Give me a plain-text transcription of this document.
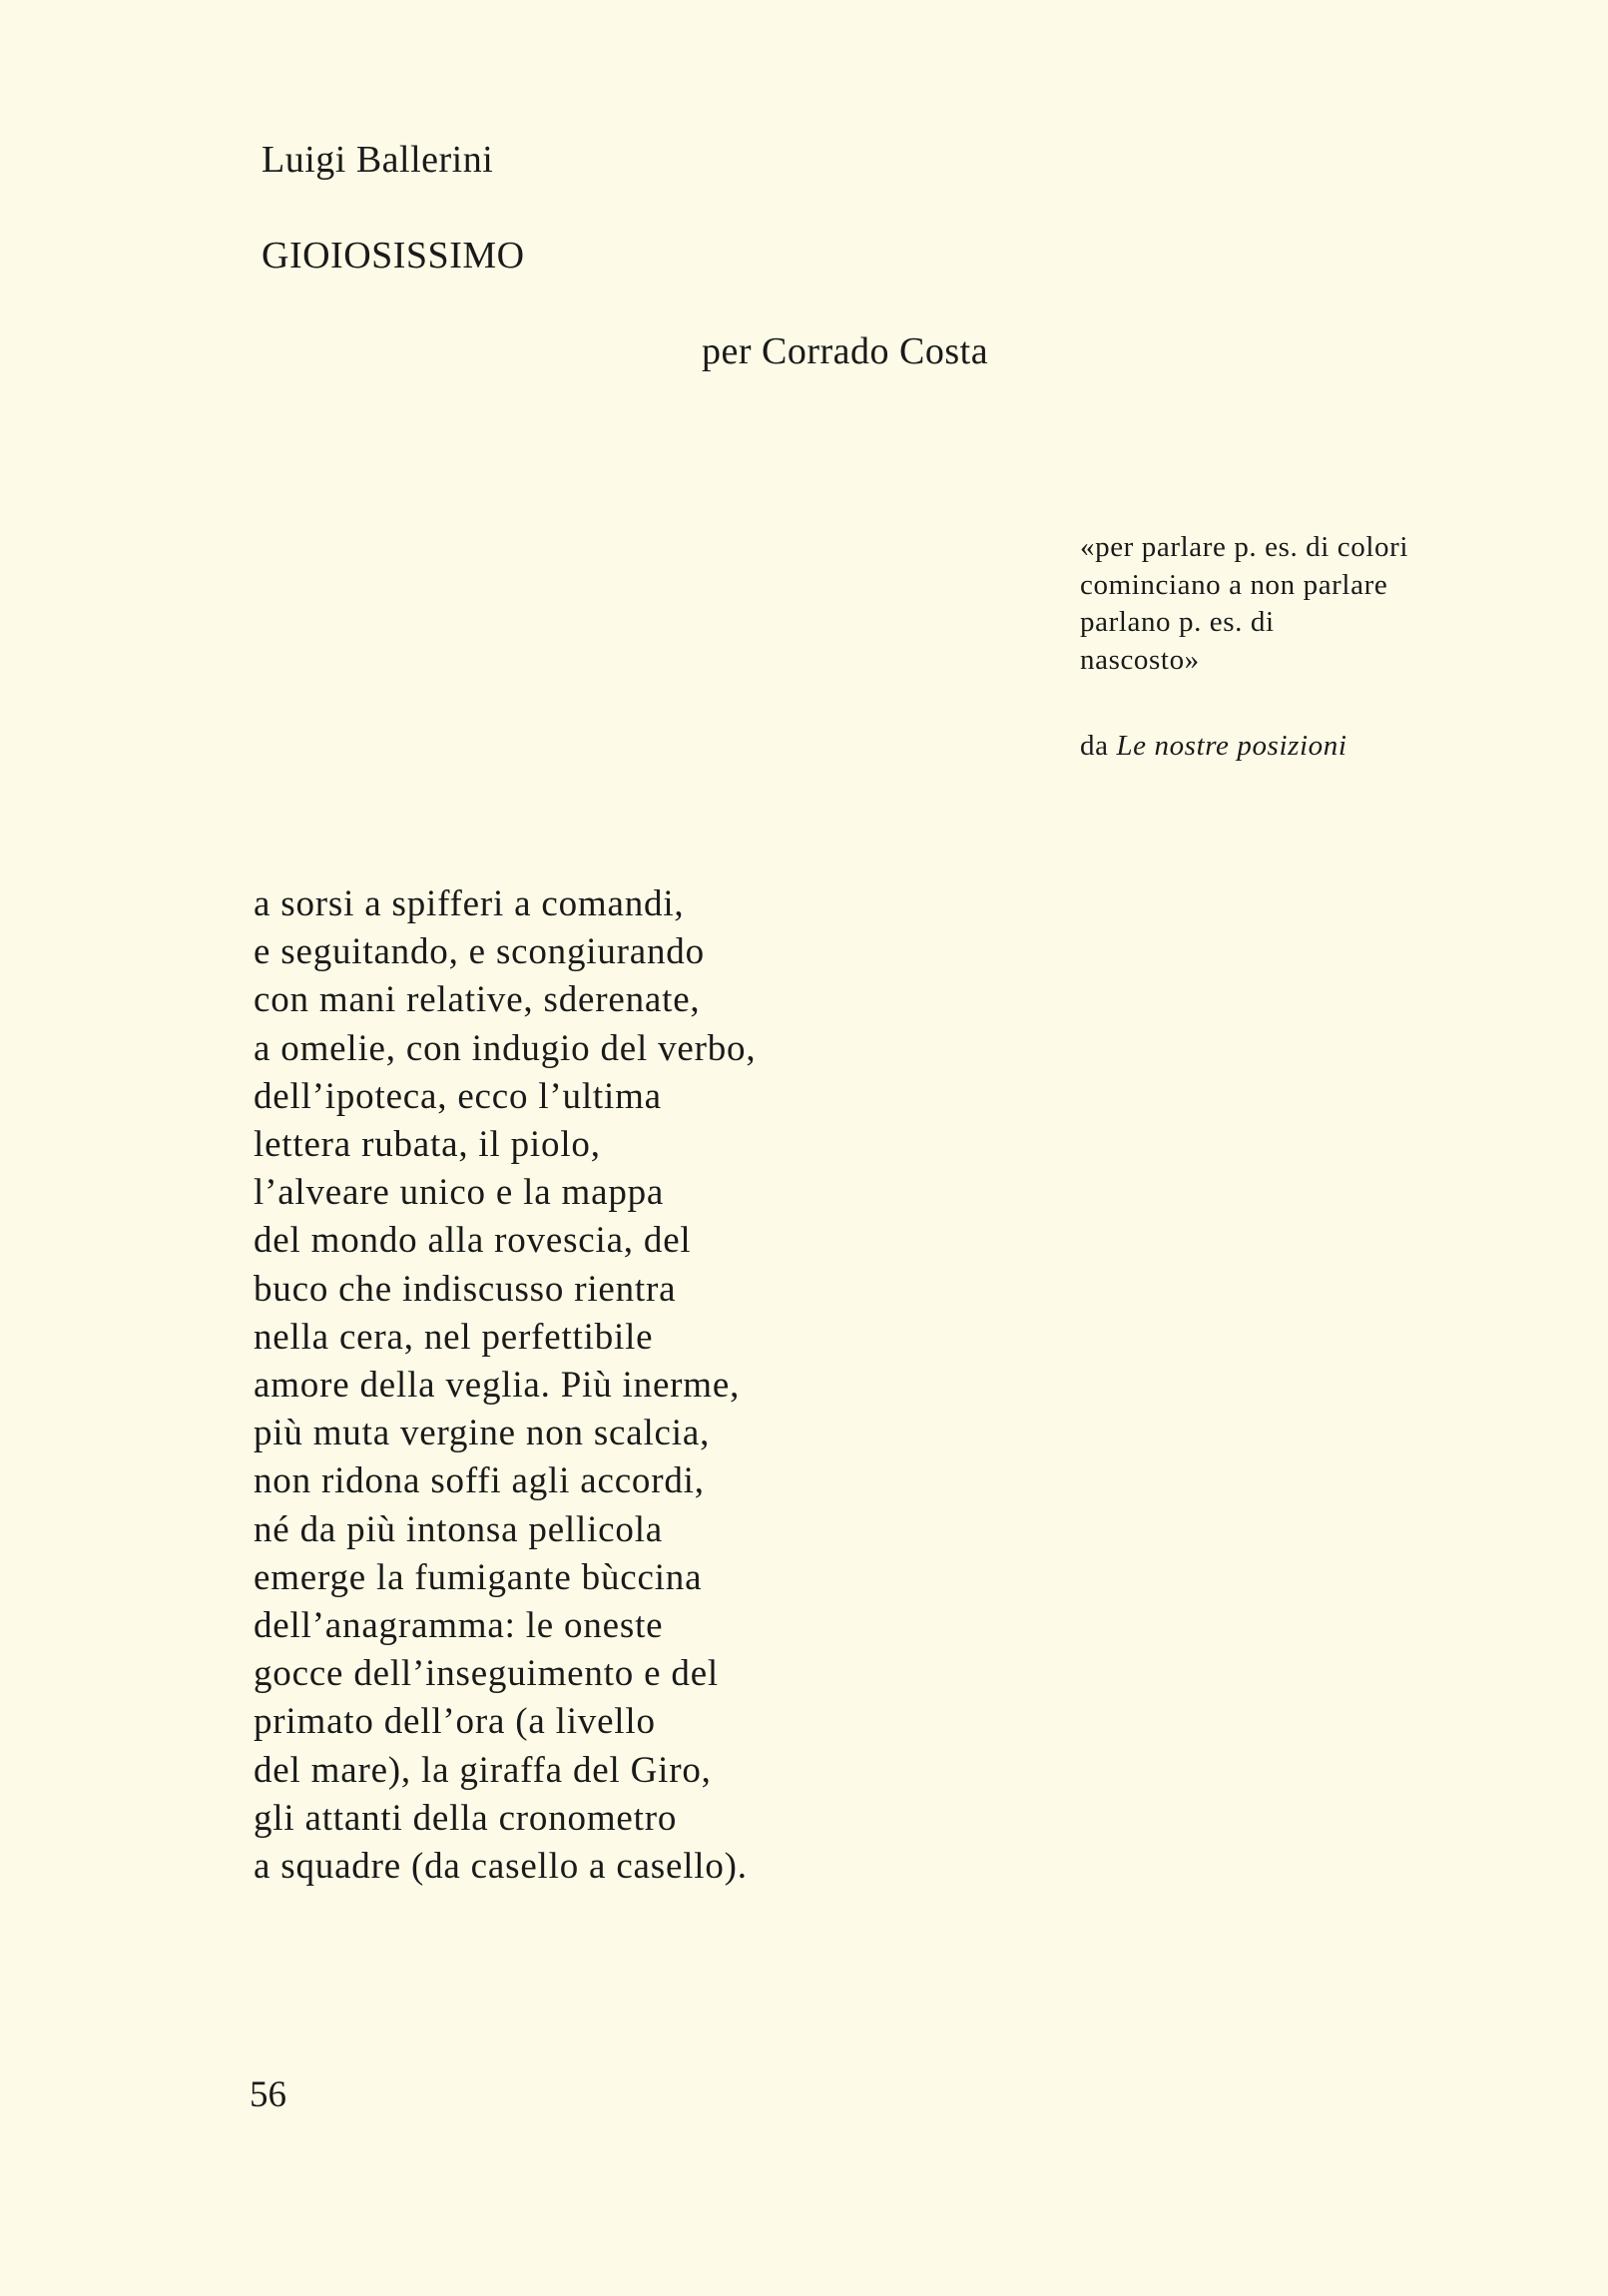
Luigi Ballerini
GIOIOSISSIMO
per Corrado Costa
«per parlare p. es. di colori
cominciano a non parlare
parlano p. es. di
nascosto»
da Le nostre posizioni
a sorsi a spifferi a comandi,
e seguitando, e scongiurando
con mani relative, sderenate,
a omelie, con indugio del verbo,
dell’ipoteca, ecco l’ultima
lettera rubata, il piolo,
l’alveare unico e la mappa
del mondo alla rovescia, del
buco che indiscusso rientra
nella cera, nel perfettibile
amore della veglia. Più inerme,
più muta vergine non scalcia,
non ridona soffi agli accordi,
né da più intonsa pellicola
emerge la fumigante bùccina
dell’anagramma: le oneste
gocce dell’inseguimento e del
primato dell’ora (a livello
del mare), la giraffa del Giro,
gli attanti della cronometro
a squadre (da casello a casello).
56
